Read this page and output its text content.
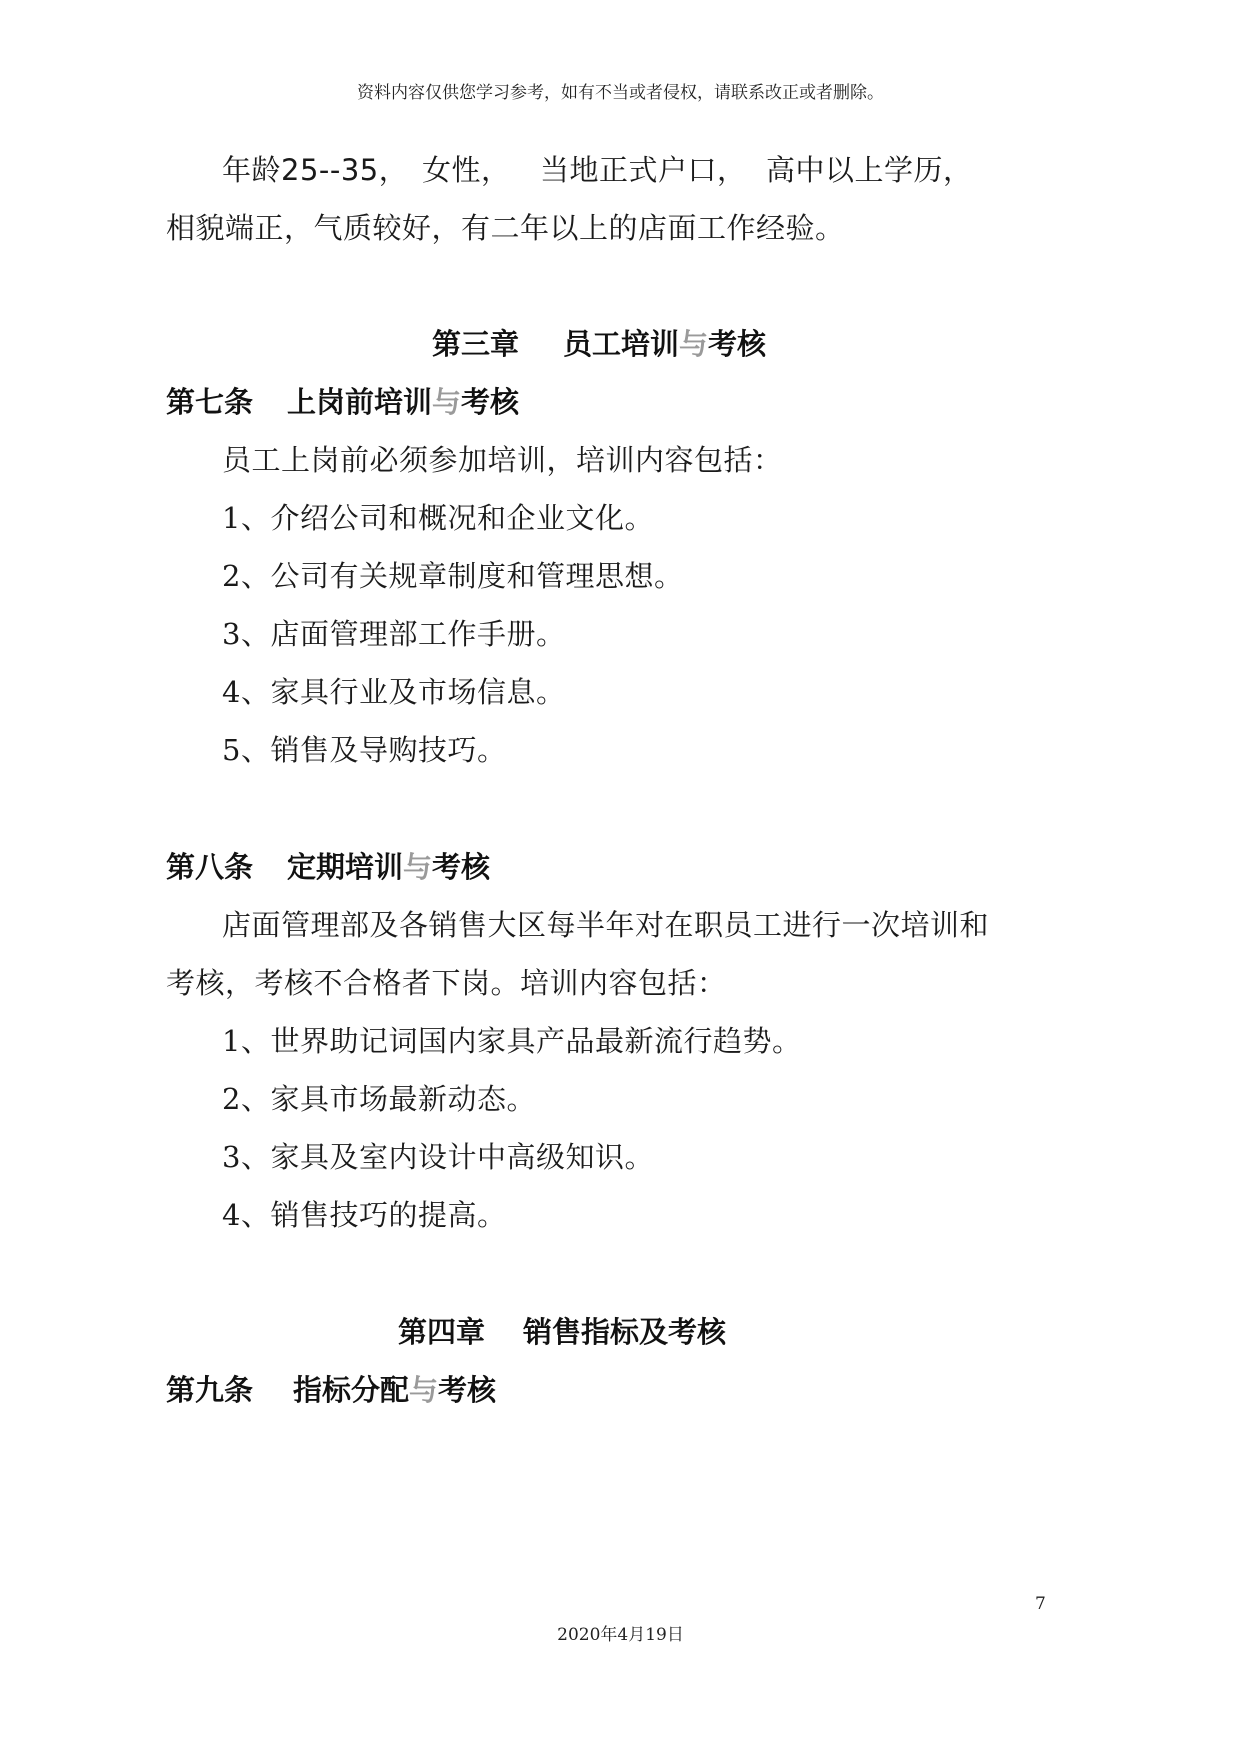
资料内容仅供您学习参考，如有不当或者侵权，请联系改正或者删除。
年龄25--35， 女性， 当地正式户口， 高中以上学历，
相貌端正，气质较好，有二年以上的店面工作经验。
第三章 员工培训与考核
第七条 上岗前培训与考核
员工上岗前必须参加培训，培训内容包括：
1、介绍公司和概况和企业文化。
2、公司有关规章制度和管理思想。
3、店面管理部工作手册。
4、家具行业及市场信息。
5、销售及导购技巧。
第八条 定期培训与考核
店面管理部及各销售大区每半年对在职员工进行一次培训和
考核，考核不合格者下岗。培训内容包括：
1、世界助记词国内家具产品最新流行趋势。
2、家具市场最新动态。
3、家具及室内设计中高级知识。
4、销售技巧的提高。
第四章 销售指标及考核
第九条 指标分配与考核
7
2020年4月19日
